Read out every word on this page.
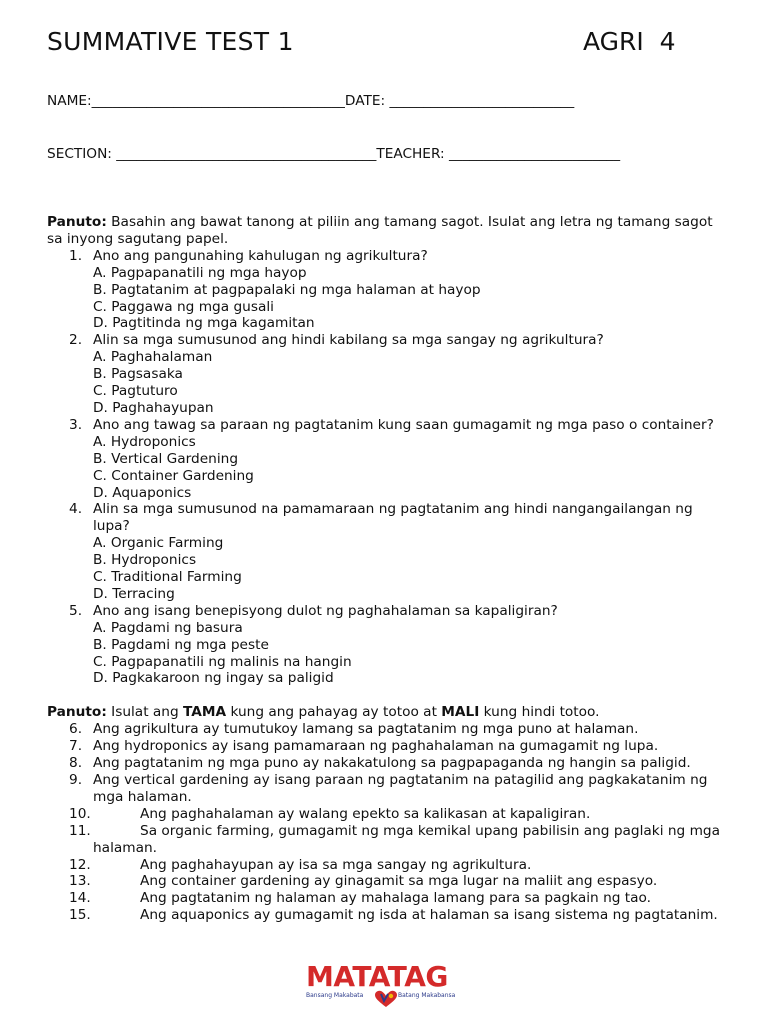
SUMMATIVE TEST 1	AGRI  4

NAME:_____________________________________DATE: ___________________________

SECTION: ______________________________________TEACHER: _________________________

Panuto: Basahin ang bawat tanong at piliin ang tamang sagot. Isulat ang letra ng tamang sagot sa inyong sagutang papel.
1. Ano ang pangunahing kahulugan ng agrikultura?
A. Pagpapanatili ng mga hayop
B. Pagtatanim at pagpapalaki ng mga halaman at hayop
C. Paggawa ng mga gusali
D. Pagtitinda ng mga kagamitan
2. Alin sa mga sumusunod ang hindi kabilang sa mga sangay ng agrikultura?
A. Paghahalaman
B. Pagsasaka
C. Pagtuturo
D. Paghahayupan
3. Ano ang tawag sa paraan ng pagtatanim kung saan gumagamit ng mga paso o container?
A. Hydroponics
B. Vertical Gardening
C. Container Gardening
D. Aquaponics
4. Alin sa mga sumusunod na pamamaraan ng pagtatanim ang hindi nangangailangan ng lupa?
A. Organic Farming
B. Hydroponics
C. Traditional Farming
D. Terracing
5. Ano ang isang benepisyong dulot ng paghahalaman sa kapaligiran?
A. Pagdami ng basura
B. Pagdami ng mga peste
C. Pagpapanatili ng malinis na hangin
D. Pagkakaroon ng ingay sa paligid
Panuto: Isulat ang TAMA kung ang pahayag ay totoo at MALI kung hindi totoo.
6. Ang agrikultura ay tumutukoy lamang sa pagtatanim ng mga puno at halaman.
7. Ang hydroponics ay isang pamamaraan ng paghahalaman na gumagamit ng lupa.
8. Ang pagtatanim ng mga puno ay nakakatulong sa pagpapaganda ng hangin sa paligid.
9. Ang vertical gardening ay isang paraan ng pagtatanim na patagilid ang pagkakatanim ng mga halaman.
10.	Ang paghahalaman ay walang epekto sa kalikasan at kapaligiran.
11.	Sa organic farming, gumagamit ng mga kemikal upang pabilisin ang paglaki ng mga halaman.
12.	Ang paghahayupan ay isa sa mga sangay ng agrikultura.
13.	Ang container gardening ay ginagamit sa mga lugar na maliit ang espasyo.
14.	Ang pagtatanim ng halaman ay mahalaga lamang para sa pagkain ng tao.
15.	Ang aquaponics ay gumagamit ng isda at halaman sa isang sistema ng pagtatanim.
MATATAG
Bansang Makabata	Batang Makabansa
